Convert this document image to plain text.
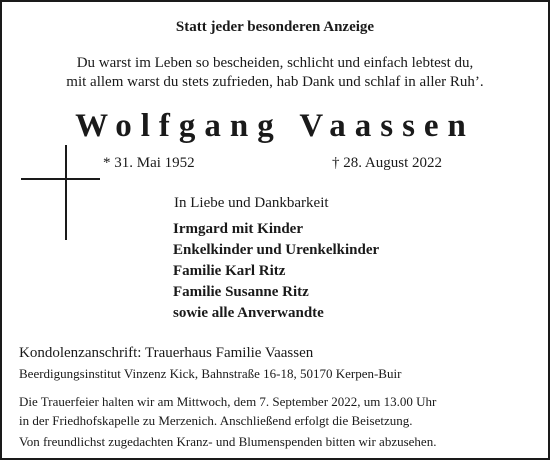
Statt jeder besonderen Anzeige
Du warst im Leben so bescheiden, schlicht und einfach lebtest du,
mit allem warst du stets zufrieden, hab Dank und schlaf in aller Ruh’.
Wolfgang Vaassen
* 31. Mai 1952	† 28. August 2022
In Liebe und Dankbarkeit
Irmgard mit Kinder
Enkelkinder und Urenkelkinder
Familie Karl Ritz
Familie Susanne Ritz
sowie alle Anverwandte
Kondolenzanschrift: Trauerhaus Familie Vaassen
Beerdigungsinstitut Vinzenz Kick, Bahnstraße 16-18, 50170 Kerpen-Buir
Die Trauerfeier halten wir am Mittwoch, dem 7. September 2022, um 13.00 Uhr
in der Friedhofskapelle zu Merzenich. Anschließend erfolgt die Beisetzung.
Von freundlichst zugedachten Kranz- und Blumenspenden bitten wir abzusehen.
